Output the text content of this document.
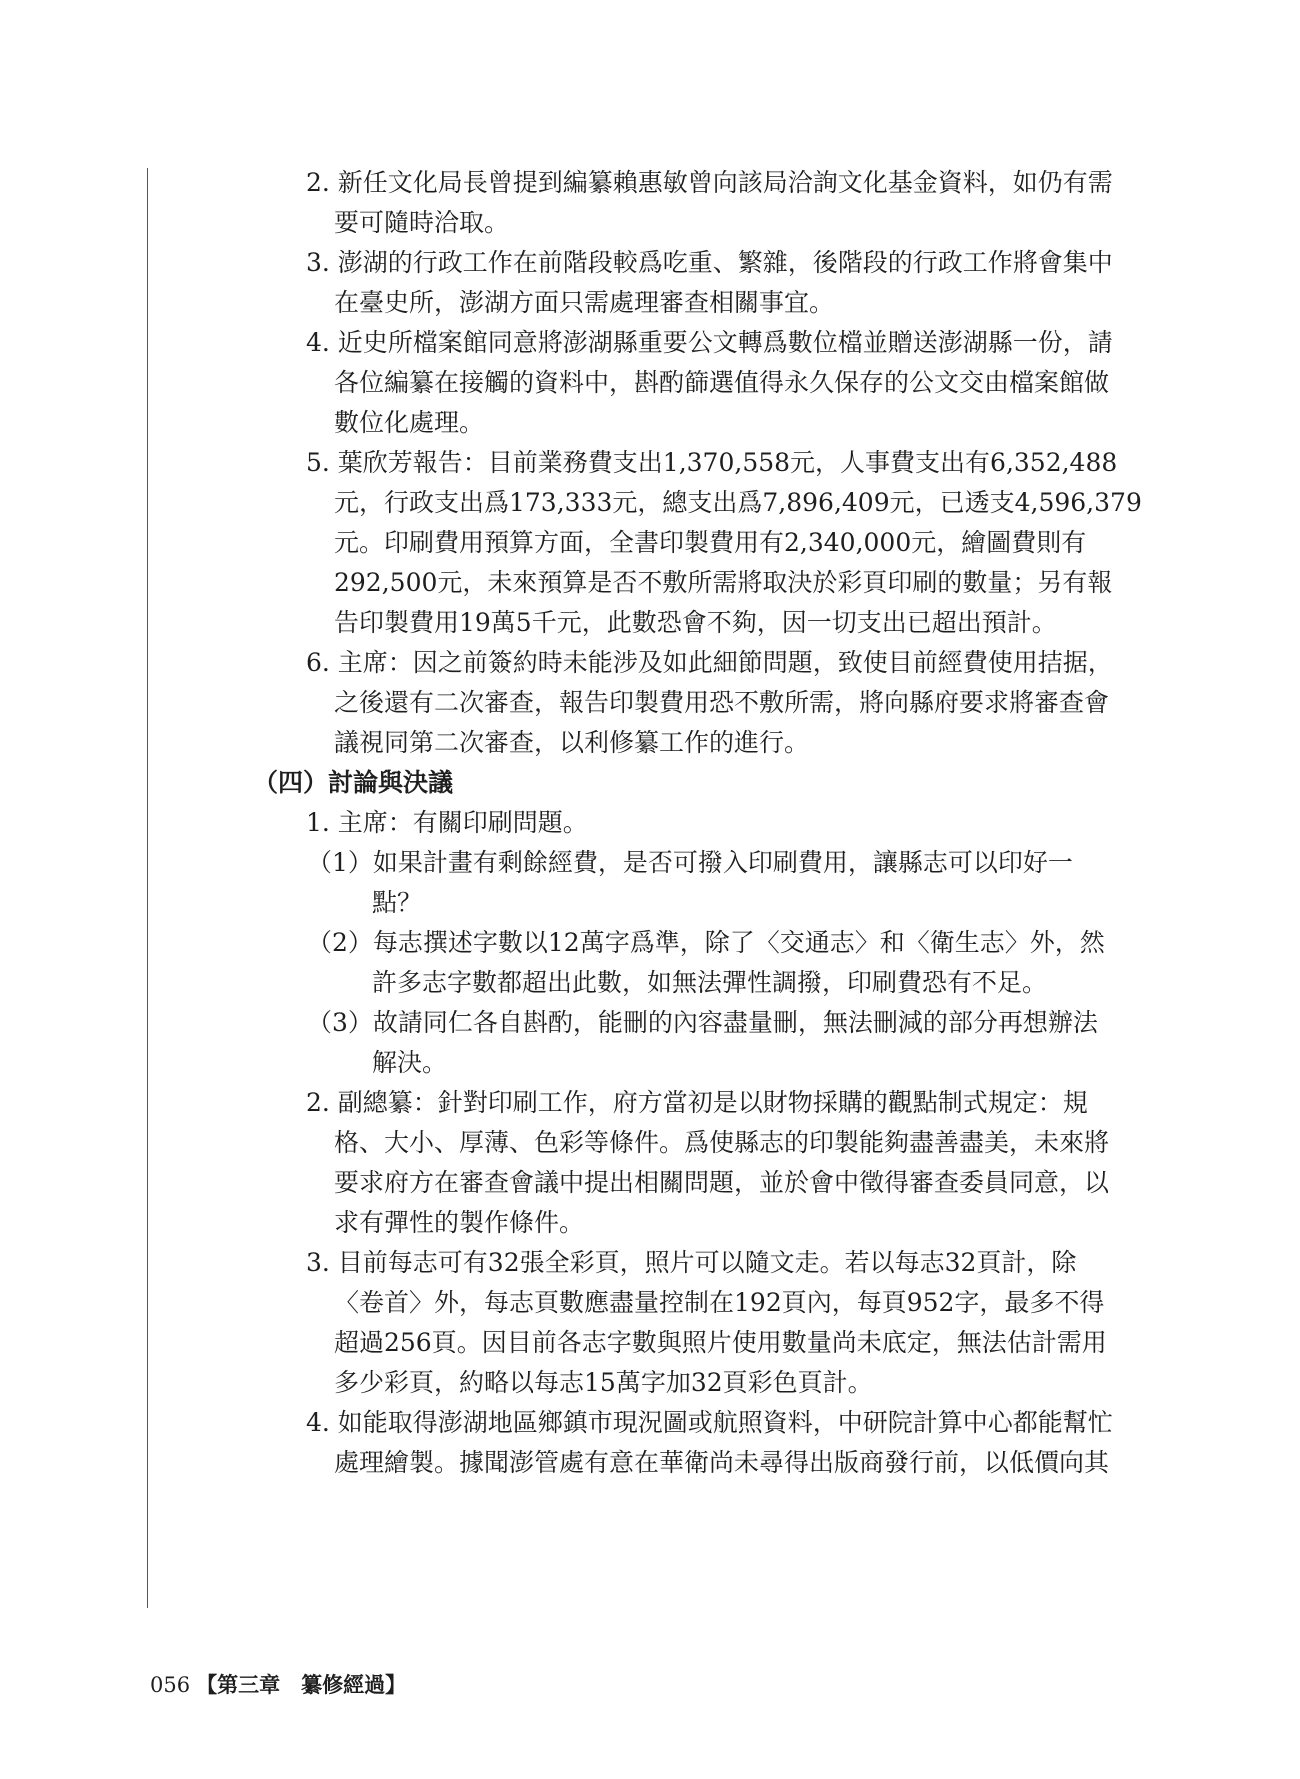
2. 新任文化局長曾提到編纂賴惠敏曾向該局洽詢文化基金資料，如仍有需
要可隨時洽取。
3. 澎湖的行政工作在前階段較爲吃重、繁雜，後階段的行政工作將會集中
在臺史所，澎湖方面只需處理審查相關事宜。
4. 近史所檔案館同意將澎湖縣重要公文轉爲數位檔並贈送澎湖縣一份，請
各位編纂在接觸的資料中，斟酌篩選值得永久保存的公文交由檔案館做
數位化處理。
5. 葉欣芳報告：目前業務費支出1,370,558元，人事費支出有6,352,488
元，行政支出爲173,333元，總支出爲7,896,409元，已透支4,596,379
元。印刷費用預算方面，全書印製費用有2,340,000元，繪圖費則有
292,500元，未來預算是否不敷所需將取決於彩頁印刷的數量；另有報
告印製費用19萬5千元，此數恐會不夠，因一切支出已超出預計。
6. 主席：因之前簽約時未能涉及如此細節問題，致使目前經費使用拮据，
之後還有二次審查，報告印製費用恐不敷所需，將向縣府要求將審查會
議視同第二次審查，以利修纂工作的進行。
（四）討論與決議
1. 主席：有關印刷問題。
（1）如果計畫有剩餘經費，是否可撥入印刷費用，讓縣志可以印好一
點？
（2）每志撰述字數以12萬字爲準，除了〈交通志〉和〈衛生志〉外，然
許多志字數都超出此數，如無法彈性調撥，印刷費恐有不足。
（3）故請同仁各自斟酌，能刪的內容盡量刪，無法刪減的部分再想辦法
解決。
2. 副總纂：針對印刷工作，府方當初是以財物採購的觀點制式規定：規
格、大小、厚薄、色彩等條件。爲使縣志的印製能夠盡善盡美，未來將
要求府方在審查會議中提出相關問題，並於會中徵得審查委員同意，以
求有彈性的製作條件。
3. 目前每志可有32張全彩頁，照片可以隨文走。若以每志32頁計，除
〈卷首〉外，每志頁數應盡量控制在192頁內，每頁952字，最多不得
超過256頁。因目前各志字數與照片使用數量尚未底定，無法估計需用
多少彩頁，約略以每志15萬字加32頁彩色頁計。
4. 如能取得澎湖地區鄉鎮市現況圖或航照資料，中研院計算中心都能幫忙
處理繪製。據聞澎管處有意在華衛尚未尋得出版商發行前，以低價向其
056 【第三章　纂修經過】
